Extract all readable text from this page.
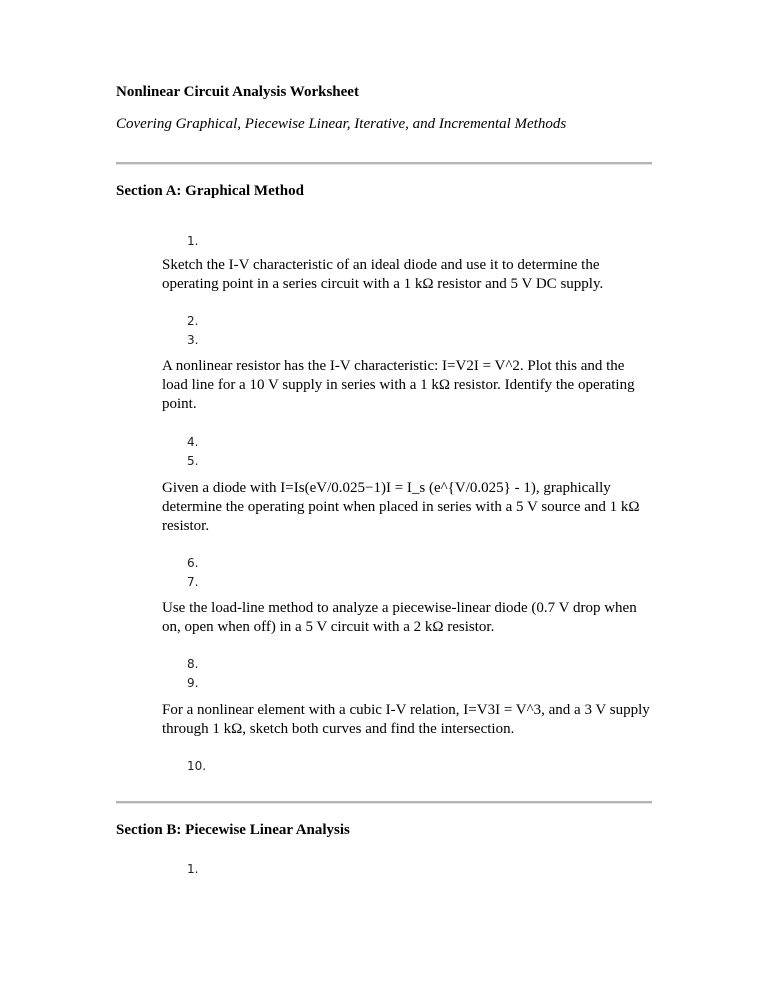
Nonlinear Circuit Analysis Worksheet

Covering Graphical, Piecewise Linear, Iterative, and Incremental Methods

Section A: Graphical Method
1.

Sketch the I-V characteristic of an ideal diode and use it to determine the operating point in a series circuit with a 1 kΩ resistor and 5 V DC supply.

2.
3.

A nonlinear resistor has the I-V characteristic: I=V2I = V^2. Plot this and the load line for a 10 V supply in series with a 1 kΩ resistor. Identify the operating point.

4.
5.

Given a diode with I=Is(eV/0.025−1)I = I_s (e^{V/0.025} - 1), graphically determine the operating point when placed in series with a 5 V source and 1 kΩ resistor.

6.
7.

Use the load-line method to analyze a piecewise-linear diode (0.7 V drop when on, open when off) in a 5 V circuit with a 2 kΩ resistor.

8.
9.

For a nonlinear element with a cubic I-V relation, I=V3I = V^3, and a 3 V supply through 1 kΩ, sketch both curves and find the intersection.

10.
Section B: Piecewise Linear Analysis
1.
